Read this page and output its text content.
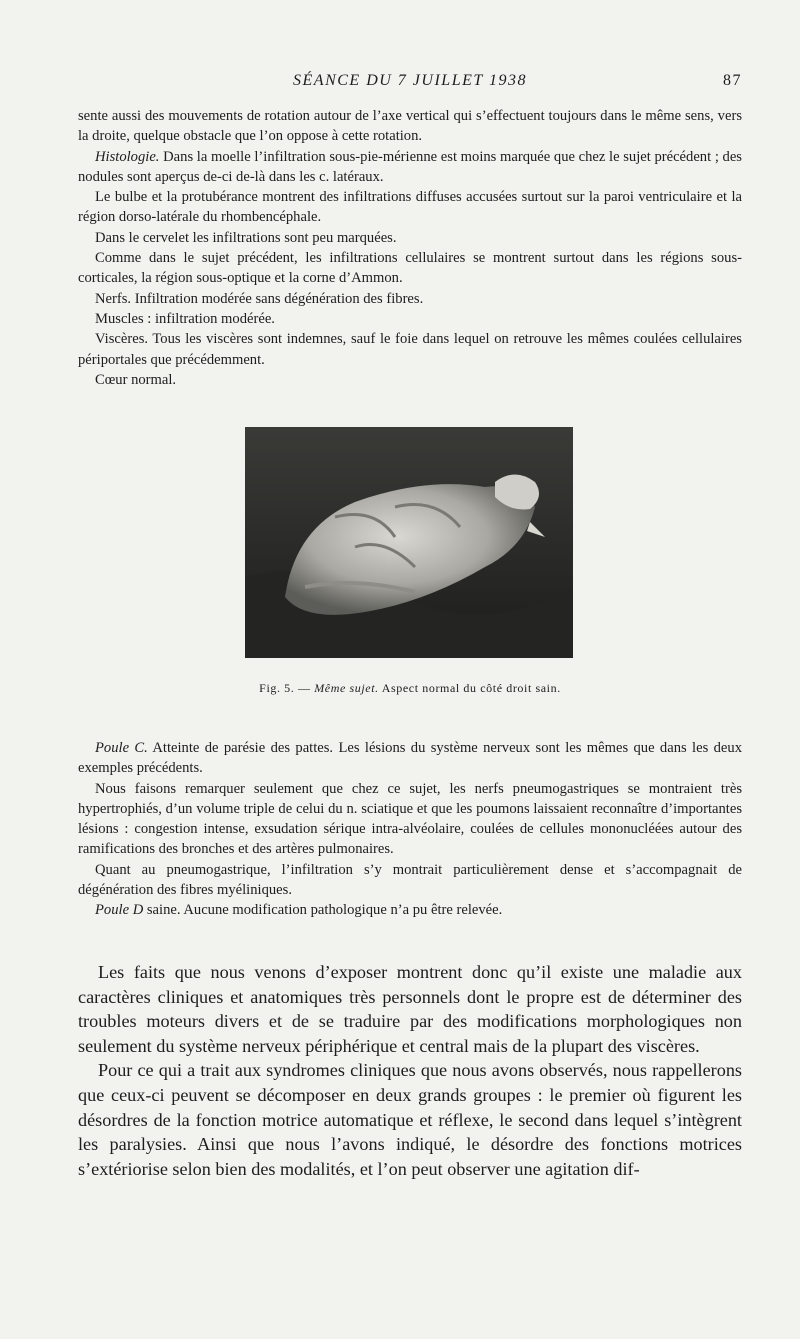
SÉANCE DU 7 JUILLET 1938	87

sente aussi des mouvements de rotation autour de l’axe vertical qui s’effectuent toujours dans le même sens, vers la droite, quelque obstacle que l’on oppose à cette rotation.

Histologie. Dans la moelle l’infiltration sous-pie-mérienne est moins marquée que chez le sujet précédent ; des nodules sont aperçus de-ci de-là dans les c. latéraux.

Le bulbe et la protubérance montrent des infiltrations diffuses accusées surtout sur la paroi ventriculaire et la région dorso-latérale du rhombencéphale.

Dans le cervelet les infiltrations sont peu marquées.

Comme dans le sujet précédent, les infiltrations cellulaires se montrent surtout dans les régions sous-corticales, la région sous-optique et la corne d’Ammon.

Nerfs. Infiltration modérée sans dégénération des fibres.

Muscles : infiltration modérée.

Viscères. Tous les viscères sont indemnes, sauf le foie dans lequel on retrouve les mêmes coulées cellulaires périportales que précédemment.

Cœur normal.

Fig. 5. — Même sujet. Aspect normal du côté droit sain.

Poule C. Atteinte de parésie des pattes. Les lésions du système nerveux sont les mêmes que dans les deux exemples précédents.

Nous faisons remarquer seulement que chez ce sujet, les nerfs pneumogastriques se montraient très hypertrophiés, d’un volume triple de celui du n. sciatique et que les poumons laissaient reconnaître d’importantes lésions : congestion intense, exsudation sérique intra-alvéolaire, coulées de cellules mononucléées autour des ramifications des bronches et des artères pulmonaires.

Quant au pneumogastrique, l’infiltration s’y montrait particulièrement dense et s’accompagnait de dégénération des fibres myéliniques.

Poule D saine. Aucune modification pathologique n’a pu être relevée.

Les faits que nous venons d’exposer montrent donc qu’il existe une maladie aux caractères cliniques et anatomiques très personnels dont le propre est de déterminer des troubles moteurs divers et de se traduire par des modifications morphologiques non seulement du système nerveux périphérique et central mais de la plupart des viscères.

Pour ce qui a trait aux syndromes cliniques que nous avons observés, nous rappellerons que ceux-ci peuvent se décomposer en deux grands groupes : le premier où figurent les désordres de la fonction motrice automatique et réflexe, le second dans lequel s’intègrent les paralysies. Ainsi que nous l’avons indiqué, le désordre des fonctions motrices s’extériorise selon bien des modalités, et l’on peut observer une agitation dif-
